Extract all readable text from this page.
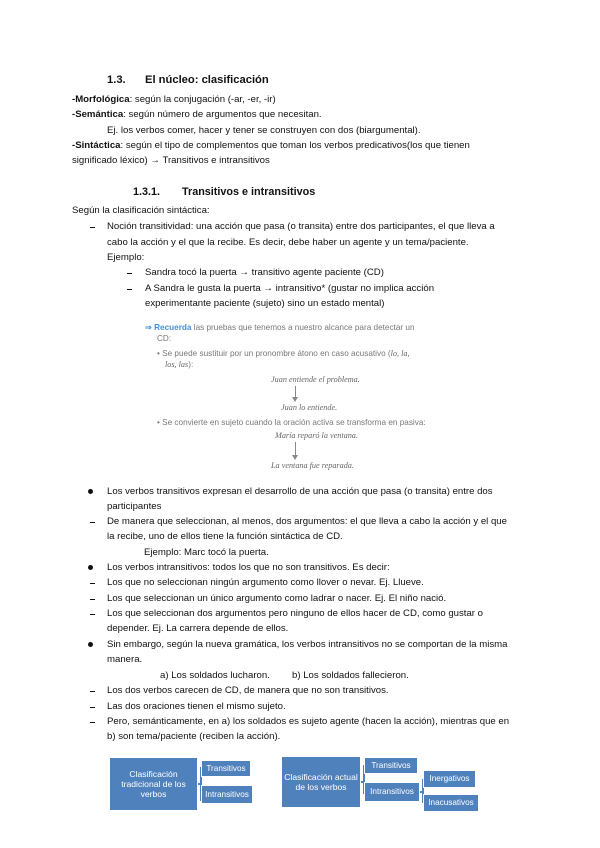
1.3. El núcleo: clasificación
-Morfológica: según la conjugación (-ar, -er, -ir)
-Semántica: según número de argumentos que necesitan.
Ej. los verbos comer, hacer y tener se construyen con dos (biargumental).
-Sintáctica: según el tipo de complementos que toman los verbos predicativos(los que tienen
significado léxico) → Transitivos e intransitivos
1.3.1. Transitivos e intransitivos
Según la clasificación sintáctica:
Noción transitividad: una acción que pasa (o transita) entre dos participantes, el que lleva a
cabo la acción y el que la recibe. Es decir, debe haber un agente y un tema/paciente.
Ejemplo:
Sandra tocó la puerta → transitivo agente paciente (CD)
A Sandra le gusta la puerta → intransitivo* (gustar no implica acción
experimentante paciente (sujeto) sino un estado mental)
⇒ Recuerda las pruebas que tenemos a nuestro alcance para detectar un
CD:
• Se puede sustituir por un pronombre átono en caso acusativo (lo, la,
los, las):
Juan entiende el problema.
Juan lo entiende.
• Se convierte en sujeto cuando la oración activa se transforma en pasiva:
María reparó la ventana.
La ventana fue reparada.
Los verbos transitivos expresan el desarrollo de una acción que pasa (o transita) entre dos
participantes
De manera que seleccionan, al menos, dos argumentos: el que lleva a cabo la acción y el que
la recibe, uno de ellos tiene la función sintáctica de CD.
Ejemplo: Marc tocó la puerta.
Los verbos intransitivos: todos los que no son transitivos. Es decir:
Los que no seleccionan ningún argumento como llover o nevar. Ej. Llueve.
Los que seleccionan un único argumento como ladrar o nacer. Ej. El niño nació.
Los que seleccionan dos argumentos pero ninguno de ellos hacer de CD, como gustar o
depender. Ej. La carrera depende de ellos.
Sin embargo, según la nueva gramática, los verbos intransitivos no se comportan de la misma
manera.
a) Los soldados lucharon. b) Los soldados fallecieron.
Los dos verbos carecen de CD, de manera que no son transitivos.
Las dos oraciones tienen el mismo sujeto.
Pero, semánticamente, en a) los soldados es sujeto agente (hacen la acción), mientras que en
b) son tema/paciente (reciben la acción).
Clasificación tradicional de los verbos
Transitivos
Intransitivos
Clasificación actual de los verbos
Transitivos
Intransitivos
Inergativos
Inacusativos
